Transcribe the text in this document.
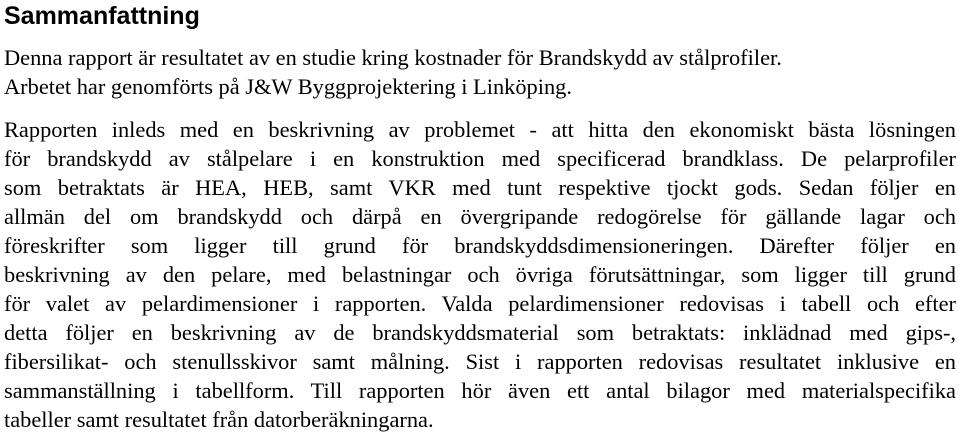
Sammanfattning
Denna rapport är resultatet av en studie kring kostnader för Brandskydd av stålprofiler.
Arbetet har genomförts på J&W Byggprojektering i Linköping.
Rapporten inleds med en beskrivning av problemet - att hitta den ekonomiskt bästa lösningen
för brandskydd av stålpelare i en konstruktion med specificerad brandklass. De pelarprofiler
som betraktats är HEA, HEB, samt VKR med tunt respektive tjockt gods. Sedan följer en
allmän del om brandskydd och därpå en övergripande redogörelse för gällande lagar och
föreskrifter som ligger till grund för brandskyddsdimensioneringen. Därefter följer en
beskrivning av den pelare, med belastningar och övriga förutsättningar, som ligger till grund
för valet av pelardimensioner i rapporten. Valda pelardimensioner redovisas i tabell och efter
detta följer en beskrivning av de brandskyddsmaterial som betraktats: inklädnad med gips-,
fibersilikat- och stenullsskivor samt målning. Sist i rapporten redovisas resultatet inklusive en
sammanställning i tabellform. Till rapporten hör även ett antal bilagor med materialspecifika
tabeller samt resultatet från datorberäkningarna.
